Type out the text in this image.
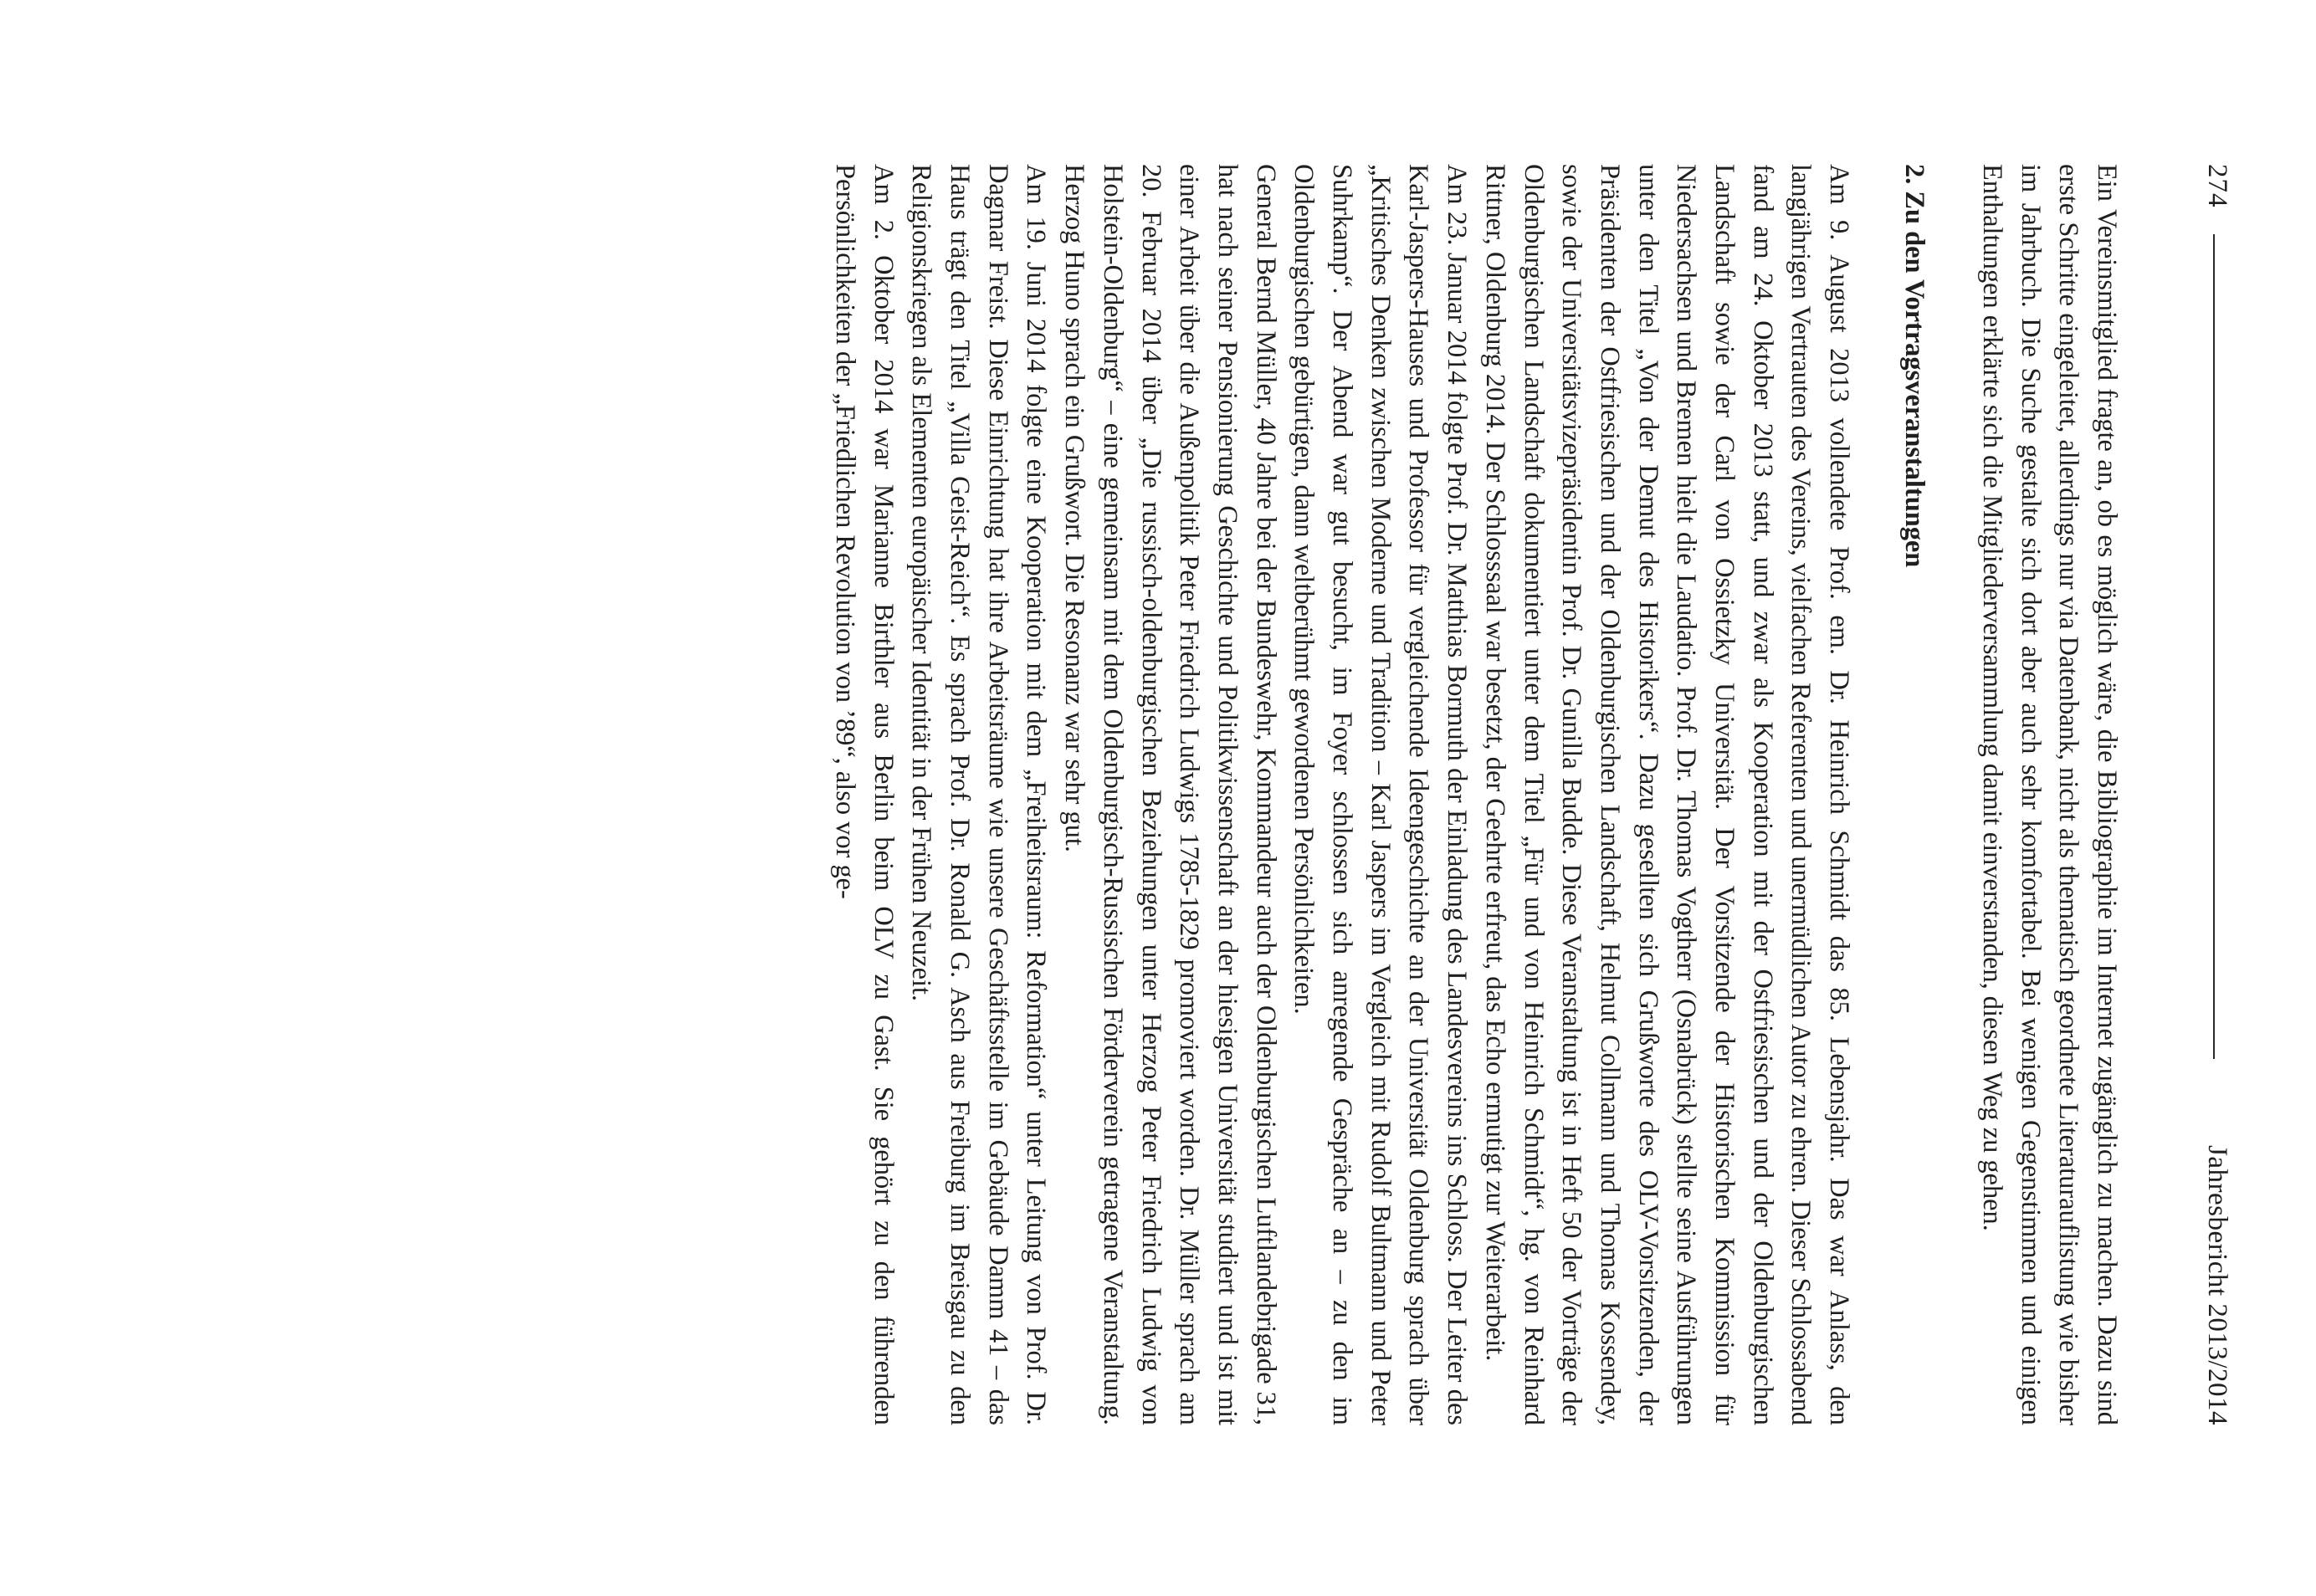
274
Jahresbericht 2013/2014

Ein Vereinsmitglied fragte an, ob es möglich wäre, die Bibliographie im Internet zugänglich zu machen. Dazu sind erste Schritte eingeleitet, allerdings nur via Datenbank, nicht als thematisch geordnete Literaturauflistung wie bisher im Jahrbuch. Die Suche gestalte sich dort aber auch sehr komfortabel. Bei wenigen Gegenstimmen und einigen Enthaltungen erklärte sich die Mitgliederversammlung damit einverstanden, diesen Weg zu gehen.

2. Zu den Vortragsveranstaltungen

Am 9. August 2013 vollendete Prof. em. Dr. Heinrich Schmidt das 85. Lebensjahr. Das war Anlass, den langjährigen Vertrauten des Vereins, vielfachen Referenten und unermüdlichen Autor zu ehren. Dieser Schlossabend fand am 24. Oktober 2013 statt, und zwar als Kooperation mit der Ostfriesischen und der Oldenburgischen Landschaft sowie der Carl von Ossietzky Universität. Der Vorsitzende der Historischen Kommission für Niedersachsen und Bremen hielt die Laudatio. Prof. Dr. Thomas Vogtherr (Osnabrück) stellte seine Ausführungen unter den Titel „Von der Demut des Historikers“. Dazu gesellten sich Grußworte des OLV-Vorsitzenden, der Präsidenten der Ostfriesischen und der Oldenburgischen Landschaft, Helmut Collmann und Thomas Kossendey, sowie der Universitätsvizepräsidentin Prof. Dr. Gunilla Budde. Diese Veranstaltung ist in Heft 50 der Vorträge der Oldenburgischen Landschaft dokumentiert unter dem Titel „Für und von Heinrich Schmidt“, hg. von Reinhard Rittner, Oldenburg 2014. Der Schlosssaal war besetzt, der Geehrte erfreut, das Echo ermutigt zur Weiterarbeit.

Am 23. Januar 2014 folgte Prof. Dr. Matthias Bormuth der Einladung des Landesvereins ins Schloss. Der Leiter des Karl-Jaspers-Hauses und Professor für vergleichende Ideengeschichte an der Universität Oldenburg sprach über „Kritisches Denken zwischen Moderne und Tradition – Karl Jaspers im Vergleich mit Rudolf Bultmann und Peter Suhrkamp“. Der Abend war gut besucht, im Foyer schlossen sich anregende Gespräche an – zu den im Oldenburgischen gebürtigen, dann weltberühmt gewordenen Persönlichkeiten.

General Bernd Müller, 40 Jahre bei der Bundeswehr, Kommandeur auch der Oldenburgischen Luftlandebrigade 31, hat nach seiner Pensionierung Geschichte und Politikwissenschaft an der hiesigen Universität studiert und ist mit einer Arbeit über die Außenpolitik Peter Friedrich Ludwigs 1785-1829 promoviert worden. Dr. Müller sprach am 20. Februar 2014 über „Die russisch-oldenburgischen Beziehungen unter Herzog Peter Friedrich Ludwig von Holstein-Oldenburg“ – eine gemeinsam mit dem Oldenburgisch-Russischen Förderverein getragene Veranstaltung. Herzog Huno sprach ein Grußwort. Die Resonanz war sehr gut.

Am 19. Juni 2014 folgte eine Kooperation mit dem „Freiheitsraum: Reformation“ unter Leitung von Prof. Dr. Dagmar Freist. Diese Einrichtung hat ihre Arbeitsräume wie unsere Geschäftsstelle im Gebäude Damm 41 – das Haus trägt den Titel „Villa Geist-Reich“. Es sprach Prof. Dr. Ronald G. Asch aus Freiburg im Breisgau zu den Religionskriegen als Elementen europäischer Identität in der Frühen Neuzeit.

Am 2. Oktober 2014 war Marianne Birthler aus Berlin beim OLV zu Gast. Sie gehört zu den führenden Persönlichkeiten der „Friedlichen Revolution von ’89“, also vor ge-
